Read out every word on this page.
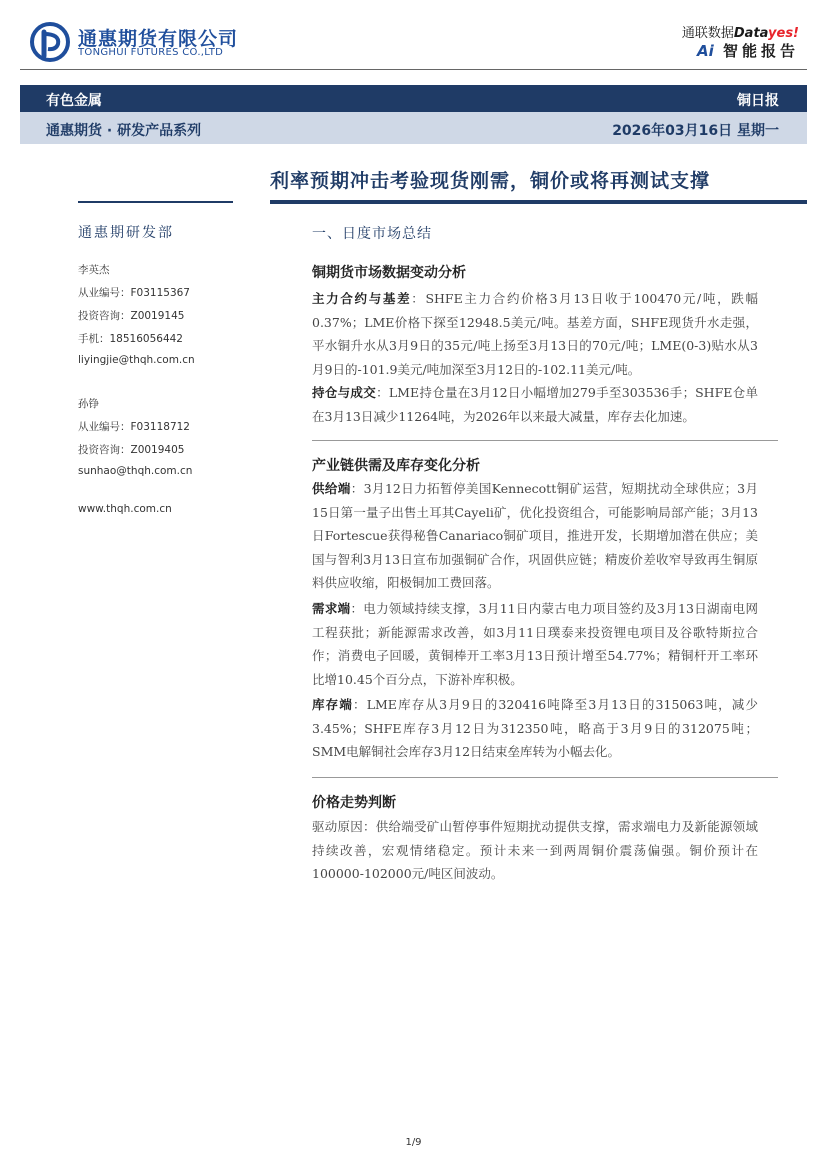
通惠期货有限公司
TONGHUI FUTURES CO.,LTD
通联数据Datayes!
Ai 智能报告
有色金属	铜日报
通惠期货 · 研发产品系列	2026年03月16日 星期一
利率预期冲击考验现货刚需，铜价或将再测试支撑
通惠期研发部
李英杰
从业编号：F03115367
投资咨询：Z0019145
手机：18516056442
liyingjie@thqh.com.cn
孙铮
从业编号：F03118712
投资咨询：Z0019405
sunhao@thqh.com.cn
www.thqh.com.cn
一、日度市场总结
铜期货市场数据变动分析
主力合约与基差：SHFE主力合约价格3月13日收于100470元/吨，跌幅0.37%；LME价格下探至12948.5美元/吨。基差方面，SHFE现货升水走强，平水铜升水从3月9日的35元/吨上扬至3月13日的70元/吨；LME(0-3)贴水从3月9日的-101.9美元/吨加深至3月12日的-102.11美元/吨。
持仓与成交：LME持仓量在3月12日小幅增加279手至303536手；SHFE仓单在3月13日减少11264吨，为2026年以来最大减量，库存去化加速。
产业链供需及库存变化分析
供给端：3月12日力拓暂停美国Kennecott铜矿运营，短期扰动全球供应；3月15日第一量子出售土耳其Cayeli矿，优化投资组合，可能影响局部产能；3月13日Fortescue获得秘鲁Canariaco铜矿项目，推进开发，长期增加潜在供应；美国与智利3月13日宣布加强铜矿合作，巩固供应链；精废价差收窄导致再生铜原料供应收缩，阳极铜加工费回落。
需求端：电力领域持续支撑，3月11日内蒙古电力项目签约及3月13日湖南电网工程获批；新能源需求改善，如3月11日璞泰来投资锂电项目及谷歌特斯拉合作；消费电子回暖，黄铜棒开工率3月13日预计增至54.77%；精铜杆开工率环比增10.45个百分点，下游补库积极。
库存端：LME库存从3月9日的320416吨降至3月13日的315063吨，减少3.45%；SHFE库存3月12日为312350吨，略高于3月9日的312075吨；SMM电解铜社会库存3月12日结束垒库转为小幅去化。
价格走势判断
驱动原因：供给端受矿山暂停事件短期扰动提供支撑，需求端电力及新能源领域持续改善，宏观情绪稳定。预计未来一到两周铜价震荡偏强。铜价预计在100000-102000元/吨区间波动。
1/9
